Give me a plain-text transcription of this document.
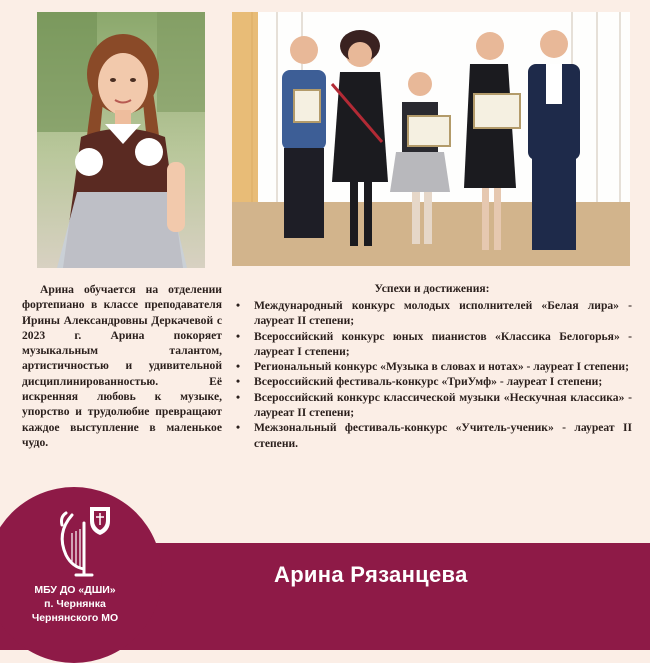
Арина обучается на отделении фортепиано в классе преподавателя Ирины Александровны Деркачевой с 2023 г. Арина покоряет музыкальным талантом, артистичностью и удивительной дисциплинированностью. Её искренняя любовь к музыке, упорство и трудолюбие превращают каждое выступление в маленькое чудо.
Успехи и достижения:
• Международный конкурс молодых исполнителей «Белая лира» - лауреат II степени;
• Всероссийский конкурс юных пианистов «Классика Белогорья» - лауреат I степени;
• Региональный конкурс «Музыка в словах и нотах» - лауреат I степени;
• Всероссийский фестиваль-конкурс «ТриУмф» - лауреат I степени;
• Всероссийский конкурс классической музыки «Нескучная классика» - лауреат II степени;
• Межзональный фестиваль-конкурс «Учитель-ученик» - лауреат II степени.
МБУ ДО «ДШИ»
п. Чернянка
Чернянского МО
Арина Рязанцева
